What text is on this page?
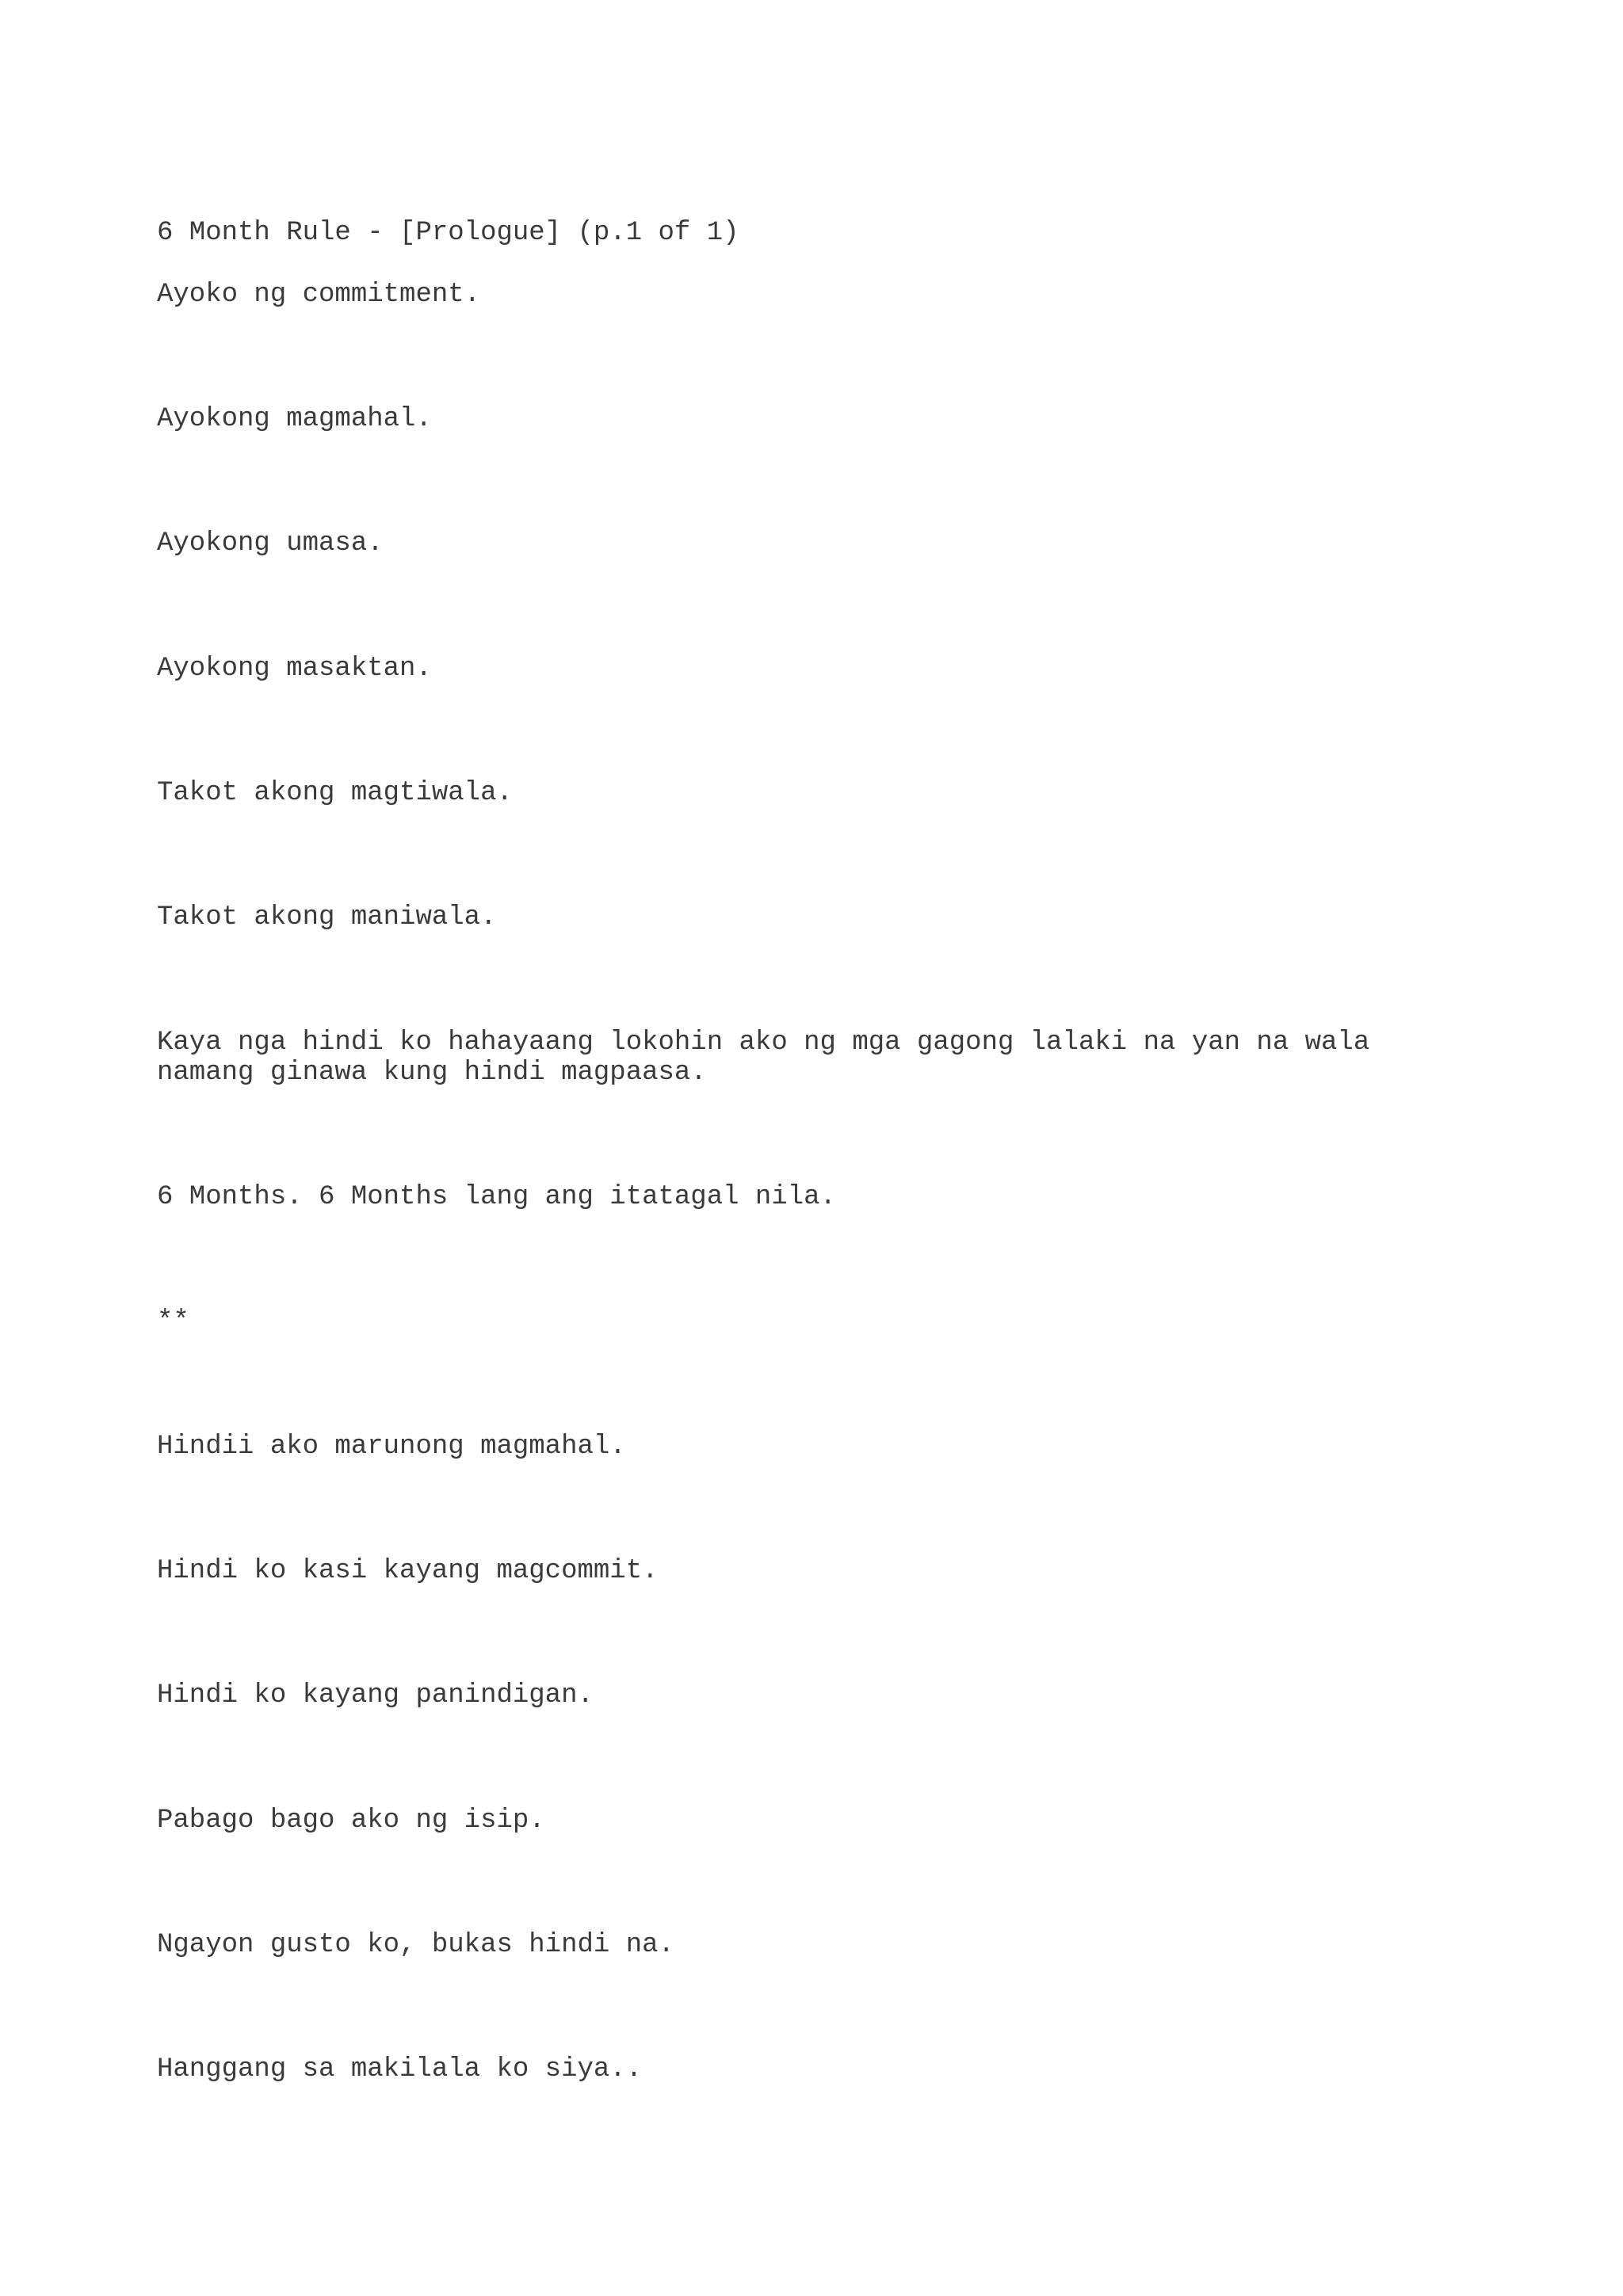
6 Month Rule - [Prologue] (p.1 of 1)

Ayoko ng commitment.

Ayokong magmahal.

Ayokong umasa.

Ayokong masaktan.

Takot akong magtiwala.

Takot akong maniwala.

Kaya nga hindi ko hahayaang lokohin ako ng mga gagong lalaki na yan na wala

namang ginawa kung hindi magpaasa.

6 Months. 6 Months lang ang itatagal nila.

**

Hindii ako marunong magmahal.

Hindi ko kasi kayang magcommit.

Hindi ko kayang panindigan.

Pabago bago ako ng isip.

Ngayon gusto ko, bukas hindi na.

Hanggang sa makilala ko siya..
